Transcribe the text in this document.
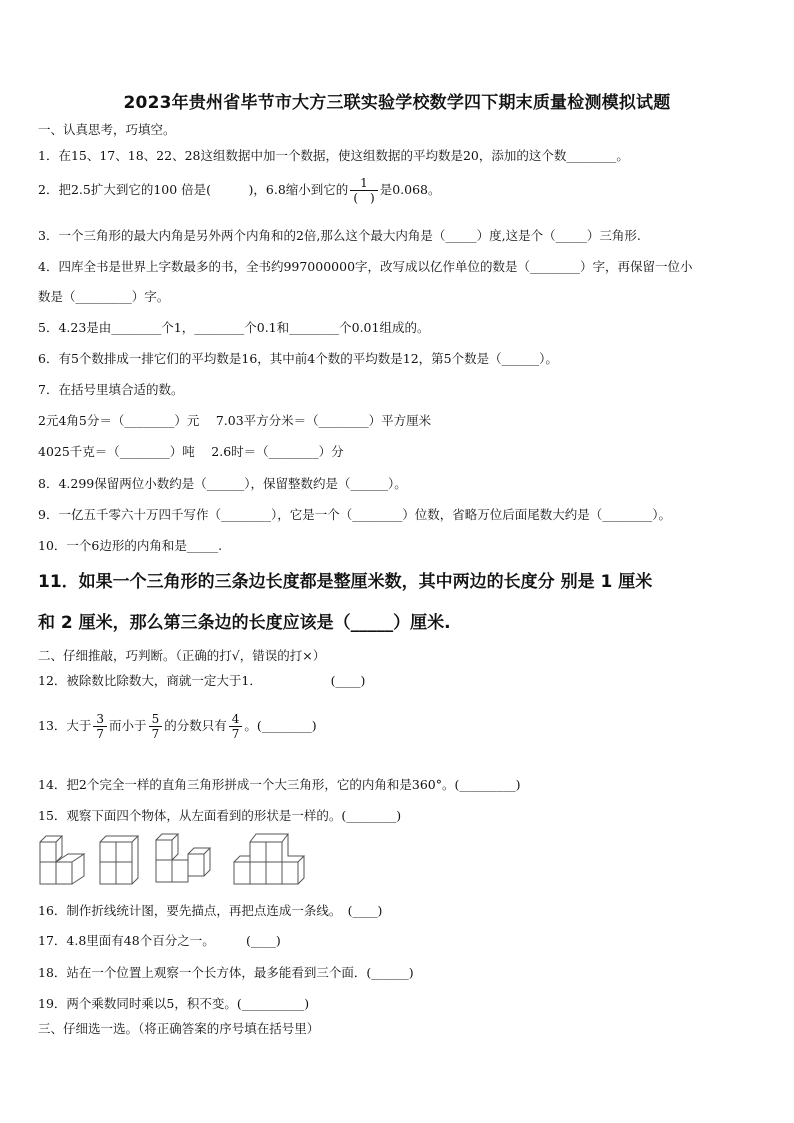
2023年贵州省毕节市大方三联实验学校数学四下期末质量检测模拟试题
一、认真思考，巧填空。
1．在15、17、18、22、28这组数据中加一个数据，使这组数据的平均数是20，添加的这个数________。
2．把2.5扩大到它的100 倍是(　　　)，6.8缩小到它的 $\frac{1}{( )}$ 是0.068。
3．一个三角形的最大内角是另外两个内角和的2倍,那么这个最大内角是（_____）度,这是个（_____）三角形.
4．四库全书是世界上字数最多的书，全书约997000000字，改写成以亿作单位的数是（________）字，再保留一位小
数是（_________）字。
5．4.23是由________个1，________个0.1和________个0.01组成的。
6．有5个数排成一排它们的平均数是16，其中前4个数的平均数是12，第5个数是（______）。
7．在括号里填合适的数。
2元4角5分＝（________）元　 7.03平方分米＝（________）平方厘米
4025千克＝（________）吨　 2.6时＝（________）分
8．4.299保留两位小数约是（______），保留整数约是（______）。
9．一亿五千零六十万四千写作（________），它是一个（________）位数，省略万位后面尾数大约是（________）。
10．一个6边形的内角和是_____.
11．如果一个三角形的三条边长度都是整厘米数，其中两边的长度分 别是 1 厘米
和 2 厘米，那么第三条边的长度应该是（_____）厘米.
二、仔细推敲，巧判断。（正确的打√，错误的打×）
12．被除数比除数大，商就一定大于1．　　　　　　(____)
13．大于 $\frac{3}{7}$ 而小于 $\frac{5}{7}$ 的分数只有 $\frac{4}{7}$ 。(________)
14．把2个完全一样的直角三角形拼成一个大三角形，它的内角和是360°。(_________)
15．观察下面四个物体，从左面看到的形状是一样的。(________)
16．制作折线统计图，要先描点，再把点连成一条线。　(____)
17．4.8里面有48个百分之一。　　　(____)
18．站在一个位置上观察一个长方体，最多能看到三个面．(______)
19．两个乘数同时乘以5，积不变。(__________)
三、仔细选一选。（将正确答案的序号填在括号里）
